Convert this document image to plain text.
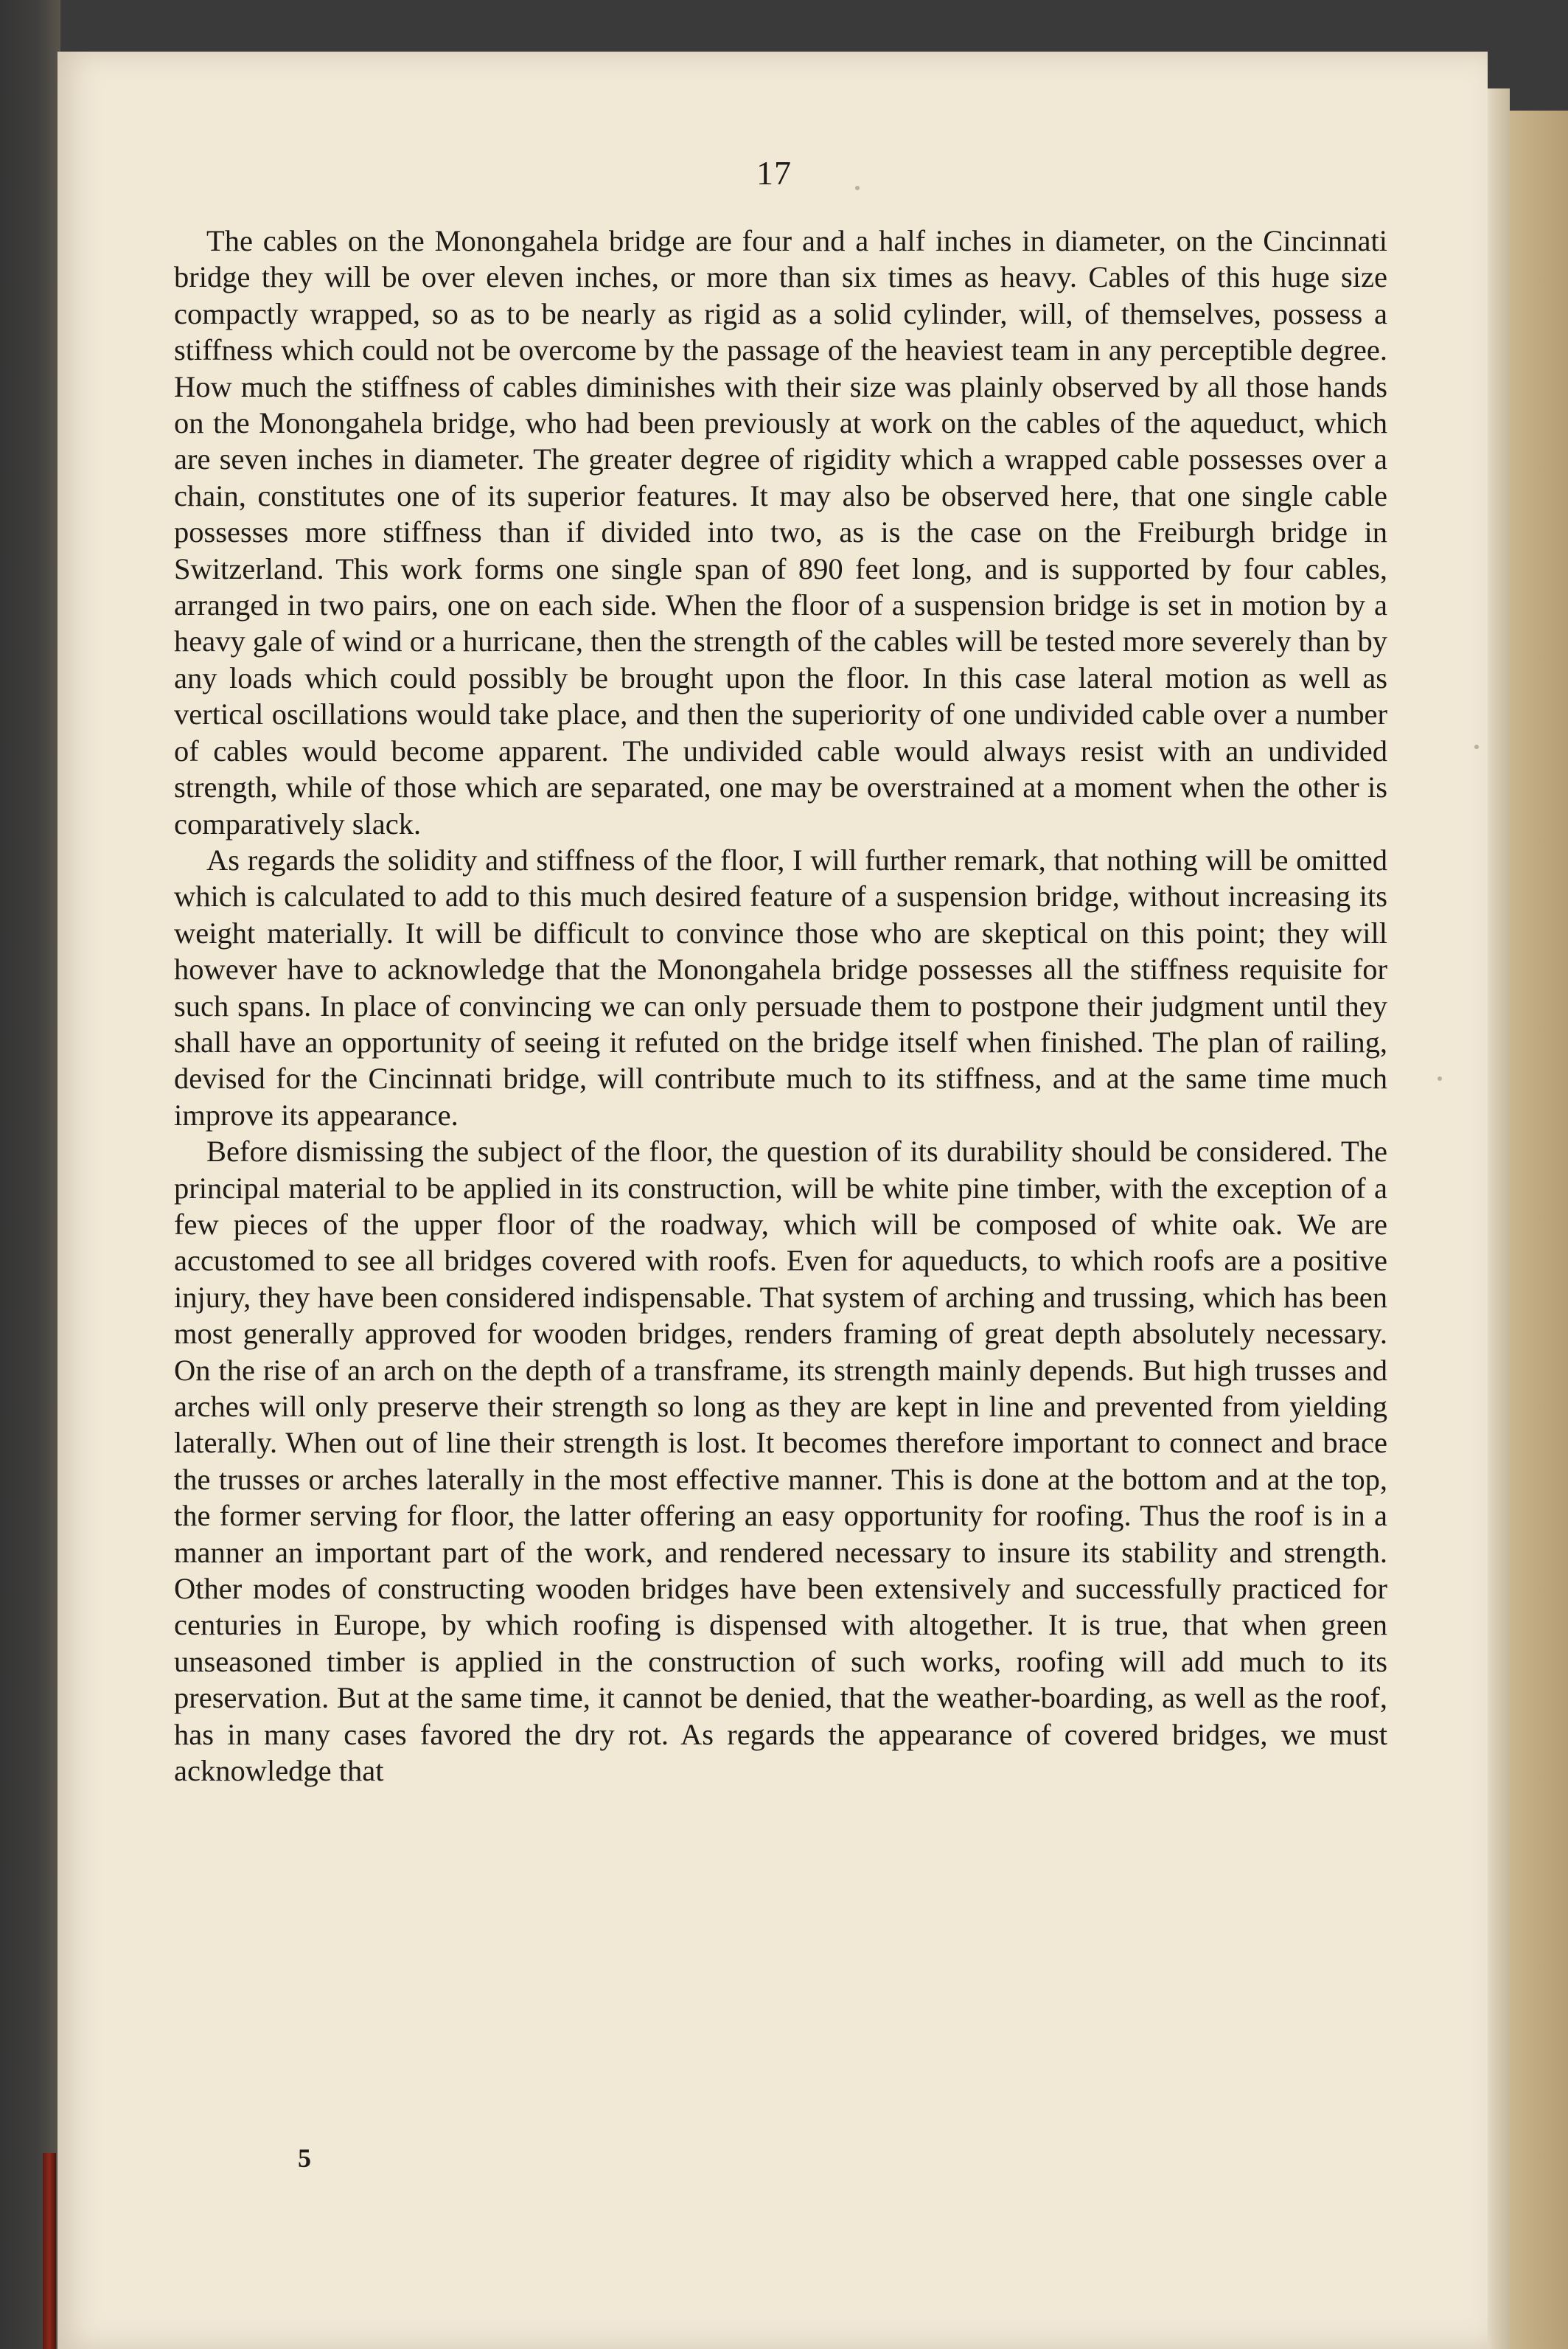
17

The cables on the Monongahela bridge are four and a half inches in diameter, on the Cincinnati bridge they will be over eleven inches, or more than six times as heavy. Cables of this huge size compactly wrapped, so as to be nearly as rigid as a solid cylinder, will, of themselves, possess a stiffness which could not be overcome by the passage of the heaviest team in any perceptible degree. How much the stiffness of cables diminishes with their size was plainly observed by all those hands on the Monongahela bridge, who had been previously at work on the cables of the aqueduct, which are seven inches in diameter. The greater degree of rigidity which a wrapped cable possesses over a chain, constitutes one of its superior features. It may also be observed here, that one single cable possesses more stiffness than if divided into two, as is the case on the Freiburgh bridge in Switzerland. This work forms one single span of 890 feet long, and is supported by four cables, arranged in two pairs, one on each side. When the floor of a suspension bridge is set in motion by a heavy gale of wind or a hurricane, then the strength of the cables will be tested more severely than by any loads which could possibly be brought upon the floor. In this case lateral motion as well as vertical oscillations would take place, and then the superiority of one undivided cable over a number of cables would become apparent. The undivided cable would always resist with an undivided strength, while of those which are separated, one may be overstrained at a moment when the other is comparatively slack.

As regards the solidity and stiffness of the floor, I will further remark, that nothing will be omitted which is calculated to add to this much desired feature of a suspension bridge, without increasing its weight materially. It will be difficult to convince those who are skeptical on this point; they will however have to acknowledge that the Monongahela bridge possesses all the stiffness requisite for such spans. In place of convincing we can only persuade them to postpone their judgment until they shall have an opportunity of seeing it refuted on the bridge itself when finished. The plan of railing, devised for the Cincinnati bridge, will contribute much to its stiffness, and at the same time much improve its appearance.

Before dismissing the subject of the floor, the question of its durability should be considered. The principal material to be applied in its construction, will be white pine timber, with the exception of a few pieces of the upper floor of the roadway, which will be composed of white oak. We are accustomed to see all bridges covered with roofs. Even for aqueducts, to which roofs are a positive injury, they have been considered indispensable. That system of arching and trussing, which has been most generally approved for wooden bridges, renders framing of great depth absolutely necessary. On the rise of an arch on the depth of a transframe, its strength mainly depends. But high trusses and arches will only preserve their strength so long as they are kept in line and prevented from yielding laterally. When out of line their strength is lost. It becomes therefore important to connect and brace the trusses or arches laterally in the most effective manner. This is done at the bottom and at the top, the former serving for floor, the latter offering an easy opportunity for roofing. Thus the roof is in a manner an important part of the work, and rendered necessary to insure its stability and strength. Other modes of constructing wooden bridges have been extensively and successfully practiced for centuries in Europe, by which roofing is dispensed with altogether. It is true, that when green unseasoned timber is applied in the construction of such works, roofing will add much to its preservation. But at the same time, it cannot be denied, that the weather-boarding, as well as the roof, has in many cases favored the dry rot. As regards the appearance of covered bridges, we must acknowledge that

5
